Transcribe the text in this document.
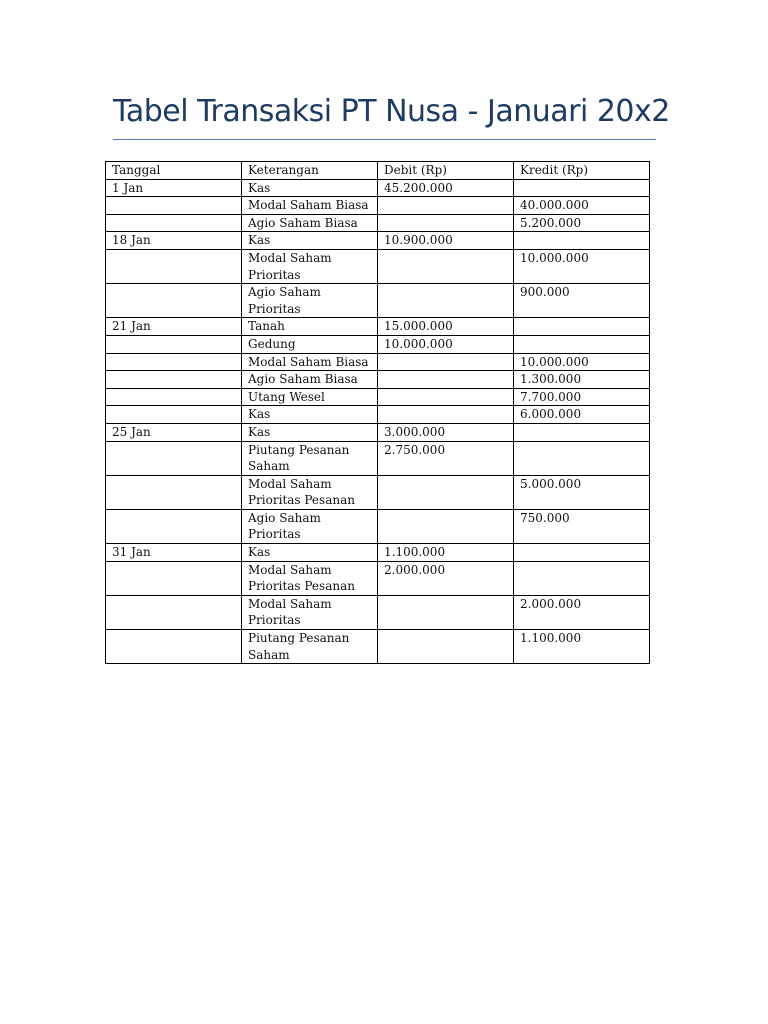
Tabel Transaksi PT Nusa - Januari 20x2
Tanggal	Keterangan	Debit (Rp)	Kredit (Rp)
1 Jan	Kas	45.200.000	
	Modal Saham Biasa		40.000.000
	Agio Saham Biasa		5.200.000
18 Jan	Kas	10.900.000	
	Modal Saham Prioritas		10.000.000
	Agio Saham Prioritas		900.000
21 Jan	Tanah	15.000.000	
	Gedung	10.000.000	
	Modal Saham Biasa		10.000.000
	Agio Saham Biasa		1.300.000
	Utang Wesel		7.700.000
	Kas		6.000.000
25 Jan	Kas	3.000.000	
	Piutang Pesanan Saham	2.750.000	
	Modal Saham Prioritas Pesanan		5.000.000
	Agio Saham Prioritas		750.000
31 Jan	Kas	1.100.000	
	Modal Saham Prioritas Pesanan	2.000.000	
	Modal Saham Prioritas		2.000.000
	Piutang Pesanan Saham		1.100.000
